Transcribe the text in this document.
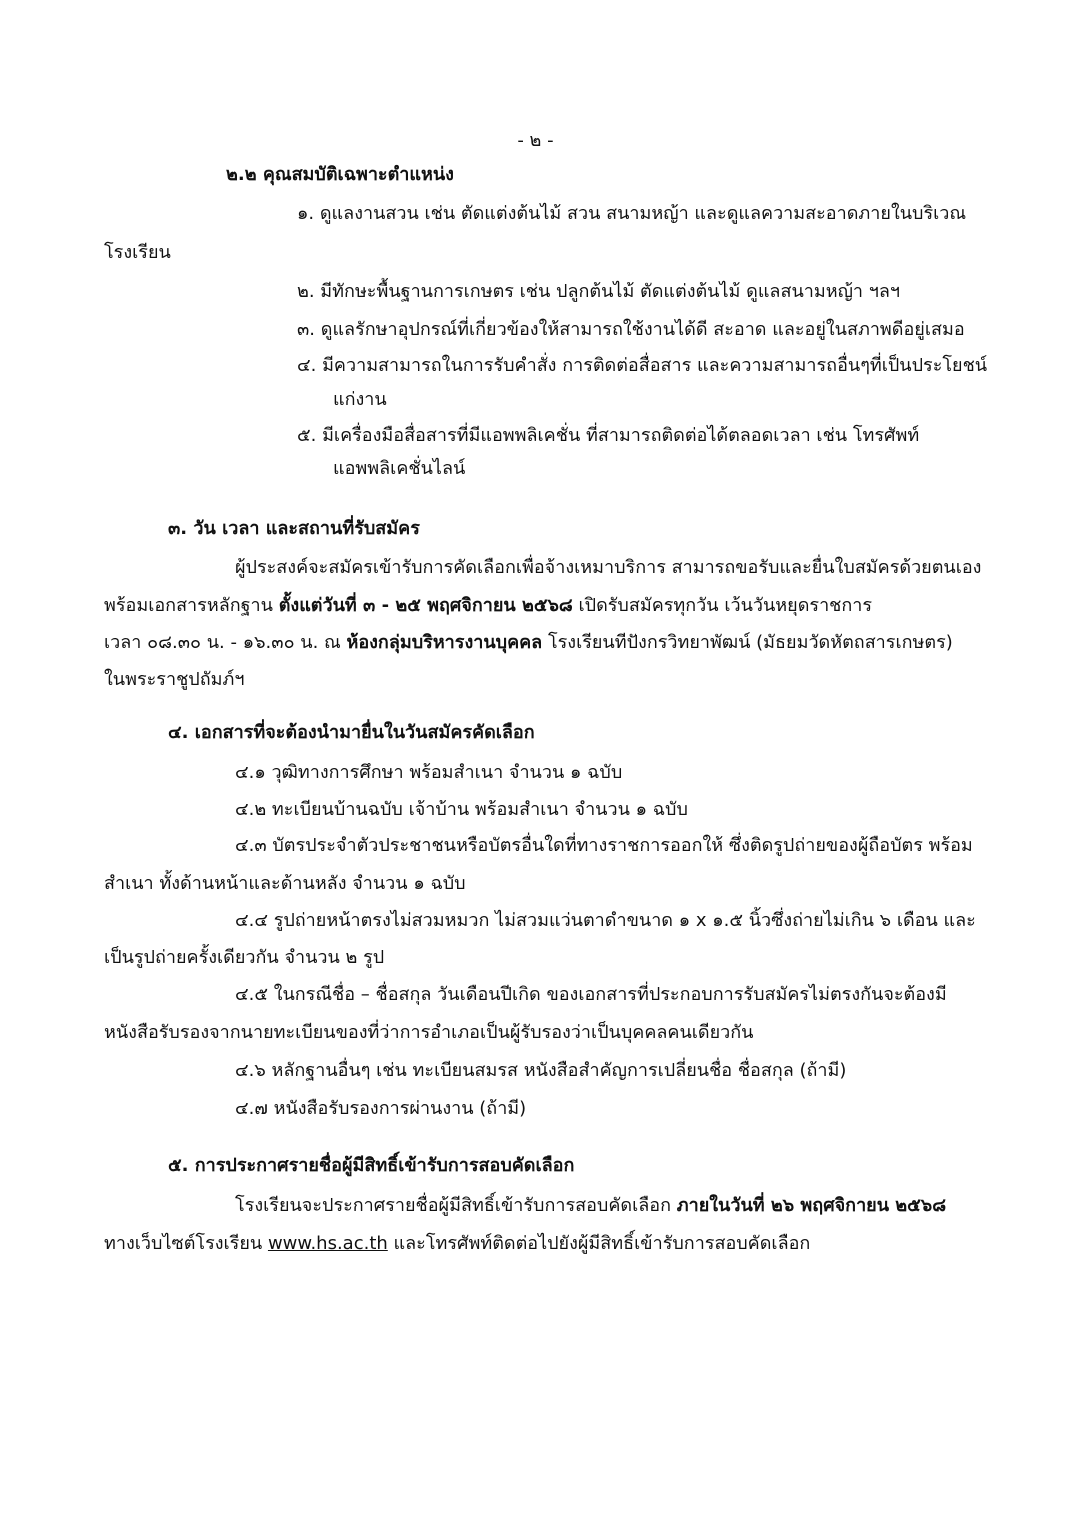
- ๒ -
๒.๒ คุณสมบัติเฉพาะตำแหน่ง
๑. ดูแลงานสวน เช่น ตัดแต่งต้นไม้ สวน สนามหญ้า และดูแลความสะอาดภายในบริเวณ
โรงเรียน
๒. มีทักษะพื้นฐานการเกษตร เช่น ปลูกต้นไม้ ตัดแต่งต้นไม้ ดูแลสนามหญ้า ฯลฯ
๓. ดูแลรักษาอุปกรณ์ที่เกี่ยวข้องให้สามารถใช้งานได้ดี สะอาด และอยู่ในสภาพดีอยู่เสมอ
๔. มีความสามารถในการรับคำสั่ง การติดต่อสื่อสาร และความสามารถอื่นๆที่เป็นประโยชน์
แก่งาน
๕. มีเครื่องมือสื่อสารที่มีแอพพลิเคชั่น ที่สามารถติดต่อได้ตลอดเวลา เช่น โทรศัพท์
แอพพลิเคชั่นไลน์
๓. วัน เวลา และสถานที่รับสมัคร
ผู้ประสงค์จะสมัครเข้ารับการคัดเลือกเพื่อจ้างเหมาบริการ สามารถขอรับและยื่นใบสมัครด้วยตนเอง
พร้อมเอกสารหลักฐาน ตั้งแต่วันที่ ๓ - ๒๕ พฤศจิกายน ๒๕๖๘ เปิดรับสมัครทุกวัน เว้นวันหยุดราชการ
เวลา ๐๘.๓๐ น. - ๑๖.๓๐ น. ณ ห้องกลุ่มบริหารงานบุคคล โรงเรียนทีปังกรวิทยาพัฒน์ (มัธยมวัดหัตถสารเกษตร)
ในพระราชูปถัมภ์ฯ
๔. เอกสารที่จะต้องนำมายื่นในวันสมัครคัดเลือก
๔.๑ วุฒิทางการศึกษา พร้อมสำเนา จำนวน ๑ ฉบับ
๔.๒ ทะเบียนบ้านฉบับ เจ้าบ้าน พร้อมสำเนา จำนวน ๑ ฉบับ
๔.๓ บัตรประจำตัวประชาชนหรือบัตรอื่นใดที่ทางราชการออกให้ ซึ่งติดรูปถ่ายของผู้ถือบัตร พร้อม
สำเนา ทั้งด้านหน้าและด้านหลัง จำนวน ๑ ฉบับ
๔.๔ รูปถ่ายหน้าตรงไม่สวมหมวก ไม่สวมแว่นตาดำขนาด ๑ x ๑.๕ นิ้วซึ่งถ่ายไม่เกิน ๖ เดือน และ
เป็นรูปถ่ายครั้งเดียวกัน จำนวน ๒ รูป
๔.๕ ในกรณีชื่อ – ชื่อสกุล วันเดือนปีเกิด ของเอกสารที่ประกอบการรับสมัครไม่ตรงกันจะต้องมี
หนังสือรับรองจากนายทะเบียนของที่ว่าการอำเภอเป็นผู้รับรองว่าเป็นบุคคลคนเดียวกัน
๔.๖ หลักฐานอื่นๆ เช่น ทะเบียนสมรส หนังสือสำคัญการเปลี่ยนชื่อ ชื่อสกุล (ถ้ามี)
๔.๗ หนังสือรับรองการผ่านงาน (ถ้ามี)
๕. การประกาศรายชื่อผู้มีสิทธิ์เข้ารับการสอบคัดเลือก
โรงเรียนจะประกาศรายชื่อผู้มีสิทธิ์เข้ารับการสอบคัดเลือก ภายในวันที่ ๒๖ พฤศจิกายน ๒๕๖๘
ทางเว็บไซต์โรงเรียน www.hs.ac.th และโทรศัพท์ติดต่อไปยังผู้มีสิทธิ์เข้ารับการสอบคัดเลือก
